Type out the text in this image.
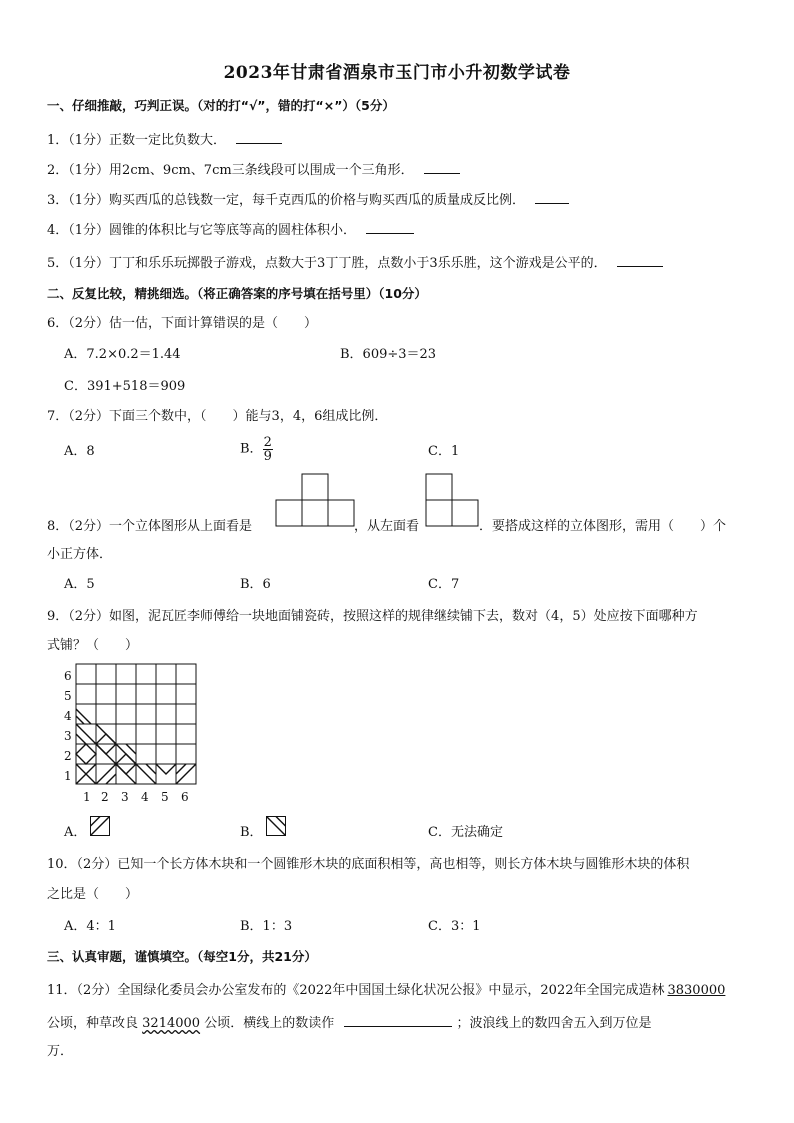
2023年甘肃省酒泉市玉门市小升初数学试卷
一、仔细推敲，巧判正误。（对的打“√”，错的打“×”）（5分）
1．（1分）正数一定比负数大．
2．（1分）用2cm、9cm、7cm三条线段可以围成一个三角形．
3．（1分）购买西瓜的总钱数一定，每千克西瓜的价格与购买西瓜的质量成反比例．
4．（1分）圆锥的体积比与它等底等高的圆柱体积小．
5．（1分）丁丁和乐乐玩掷骰子游戏，点数大于3丁丁胜，点数小于3乐乐胜，这个游戏是公平的．
二、反复比较，精挑细选。（将正确答案的序号填在括号里）（10分）
6．（2分）估一估，下面计算错误的是（　　）
A．7.2×0.2＝1.44	B．609÷3＝23
C．391+518＝909
7．（2分）下面三个数中，（　　）能与3，4，6组成比例．
A．8	B． $\frac{2}{9}$	C．1
8．（2分）一个立体图形从上面看是	，从左面看	．要搭成这样的立体图形，需用（　　）个
小正方体．
A．5	B．6	C．7
9．（2分）如图，泥瓦匠李师傅给一块地面铺瓷砖，按照这样的规律继续铺下去，数对（4，5）处应按下面哪种方
式铺？（　　）
6
5
4
3
2
1
1 2 3 4 5 6
A．	B．	C．无法确定
10．（2分）已知一个长方体木块和一个圆锥形木块的底面积相等，高也相等，则长方体木块与圆锥形木块的体积
之比是（　　）
A．4：1	B．1：3	C．3：1
三、认真审题，谨慎填空。（每空1分，共21分）
11．（2分）全国绿化委员会办公室发布的《2022年中国国土绿化状况公报》中显示，2022年全国完成造林 3830000
公顷，种草改良 3214000 公顷．横线上的数读作	；波浪线上的数四舍五入到万位是
万．
